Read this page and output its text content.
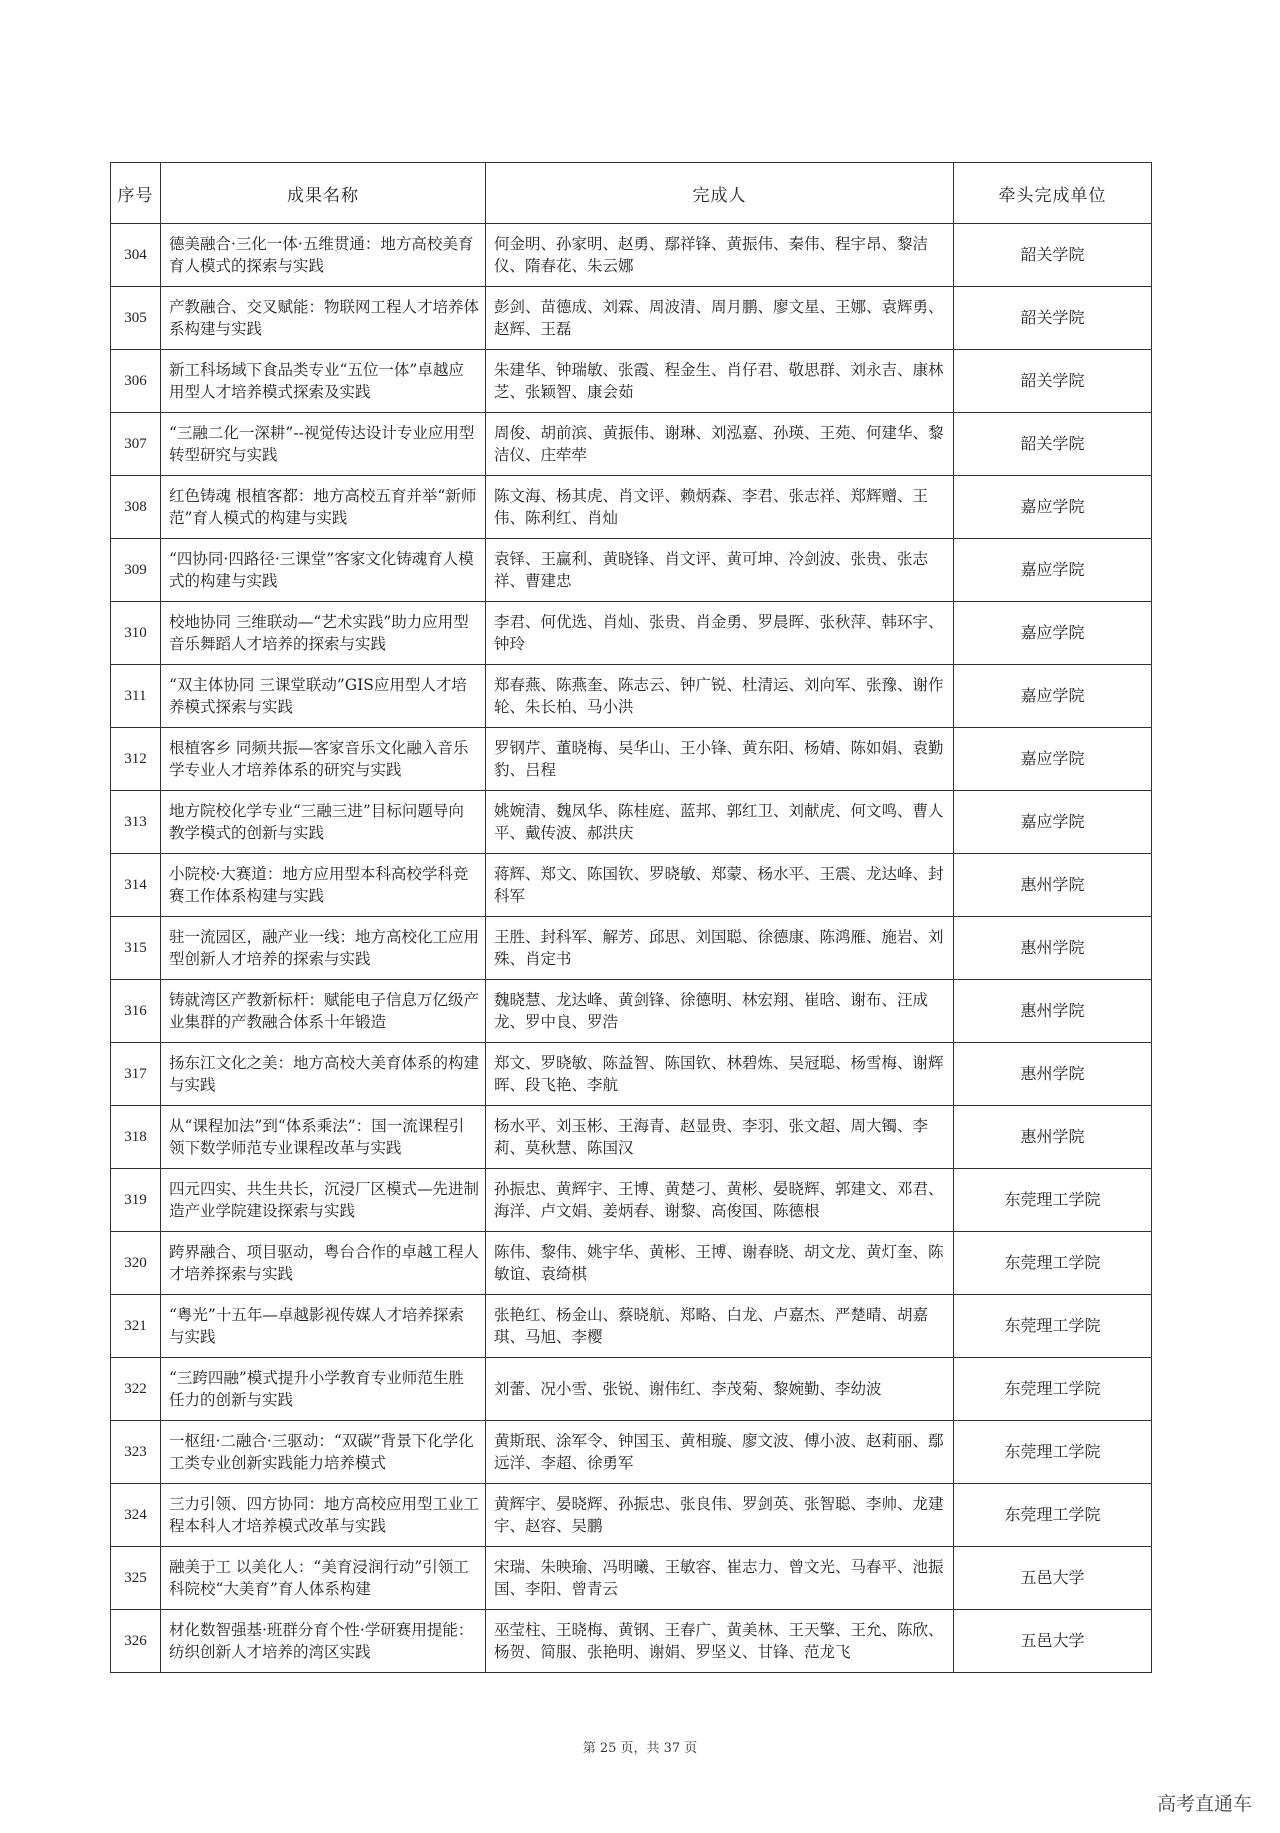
序号	成果名称	完成人	牵头完成单位
304	德美融合·三化一体·五维贯通：地方高校美育育人模式的探索与实践	何金明、孙家明、赵勇、鄢祥锋、黄振伟、秦伟、程宇昂、黎洁仪、隋春花、朱云娜	韶关学院
305	产教融合、交叉赋能：物联网工程人才培养体系构建与实践	彭剑、苗德成、刘霖、周波清、周月鹏、廖文星、王娜、袁辉勇、赵辉、王磊	韶关学院
306	新工科场域下食品类专业“五位一体”卓越应用型人才培养模式探索及实践	朱建华、钟瑞敏、张霞、程金生、肖仔君、敬思群、刘永吉、康林芝、张颖智、康会茹	韶关学院
307	“三融二化一深耕”--视觉传达设计专业应用型转型研究与实践	周俊、胡前滨、黄振伟、谢琳、刘泓嘉、孙瑛、王苑、何建华、黎洁仪、庄荦荦	韶关学院
308	红色铸魂 根植客都：地方高校五育并举“新师范”育人模式的构建与实践	陈文海、杨其虎、肖文评、赖炳森、李君、张志祥、郑辉赠、王伟、陈利红、肖灿	嘉应学院
309	“四协同·四路径·三课堂”客家文化铸魂育人模式的构建与实践	袁铎、王赢利、黄晓锋、肖文评、黄可坤、冷剑波、张贵、张志祥、曹建忠	嘉应学院
310	校地协同 三维联动—“艺术实践”助力应用型音乐舞蹈人才培养的探索与实践	李君、何优选、肖灿、张贵、肖金勇、罗晨晖、张秋萍、韩环宇、钟玲	嘉应学院
311	“双主体协同 三课堂联动”GIS应用型人才培养模式探索与实践	郑春燕、陈燕奎、陈志云、钟广锐、杜清运、刘向军、张豫、谢作轮、朱长柏、马小洪	嘉应学院
312	根植客乡 同频共振—客家音乐文化融入音乐学专业人才培养体系的研究与实践	罗钢芹、董晓梅、吴华山、王小锋、黄东阳、杨婧、陈如娟、袁勤豹、吕程	嘉应学院
313	地方院校化学专业“三融三进”目标问题导向教学模式的创新与实践	姚婉清、魏凤华、陈桂庭、蓝邦、郭红卫、刘献虎、何文鸣、曹人平、戴传波、郝洪庆	嘉应学院
314	小院校·大赛道：地方应用型本科高校学科竞赛工作体系构建与实践	蒋辉、郑文、陈国钦、罗晓敏、郑蒙、杨水平、王震、龙达峰、封科军	惠州学院
315	驻一流园区，融产业一线：地方高校化工应用型创新人才培养的探索与实践	王胜、封科军、解芳、邱思、刘国聪、徐德康、陈鸿雁、施岩、刘殊、肖定书	惠州学院
316	铸就湾区产教新标杆：赋能电子信息万亿级产业集群的产教融合体系十年锻造	魏晓慧、龙达峰、黄剑锋、徐德明、林宏翔、崔晗、谢布、汪成龙、罗中良、罗浩	惠州学院
317	扬东江文化之美：地方高校大美育体系的构建与实践	郑文、罗晓敏、陈益智、陈国钦、林碧炼、吴冠聪、杨雪梅、谢辉晖、段飞艳、李航	惠州学院
318	从“课程加法”到“体系乘法”：国一流课程引领下数学师范专业课程改革与实践	杨水平、刘玉彬、王海青、赵显贵、李羽、张文超、周大镯、李莉、莫秋慧、陈国汉	惠州学院
319	四元四实、共生共长，沉浸厂区模式—先进制造产业学院建设探索与实践	孙振忠、黄辉宇、王博、黄楚刁、黄彬、晏晓辉、郭建文、邓君、海洋、卢文娟、姜炳春、谢黎、高俊国、陈德根	东莞理工学院
320	跨界融合、项目驱动，粤台合作的卓越工程人才培养探索与实践	陈伟、黎伟、姚宇华、黄彬、王博、谢春晓、胡文龙、黄灯奎、陈敏谊、袁绮棋	东莞理工学院
321	“粤光”十五年—卓越影视传媒人才培养探索与实践	张艳红、杨金山、蔡晓航、郑略、白龙、卢嘉杰、严楚晴、胡嘉琪、马旭、李樱	东莞理工学院
322	“三跨四融”模式提升小学教育专业师范生胜任力的创新与实践	刘蕾、况小雪、张锐、谢伟红、李茂菊、黎婉勤、李幼波	东莞理工学院
323	一枢纽·二融合·三驱动：“双碳”背景下化学化工类专业创新实践能力培养模式	黄斯珉、涂军令、钟国玉、黄相璇、廖文波、傅小波、赵莉丽、鄢远洋、李超、徐勇军	东莞理工学院
324	三力引领、四方协同：地方高校应用型工业工程本科人才培养模式改革与实践	黄辉宇、晏晓辉、孙振忠、张良伟、罗剑英、张智聪、李帅、龙建宇、赵容、吴鹏	东莞理工学院
325	融美于工 以美化人：“美育浸润行动”引领工科院校“大美育”育人体系构建	宋瑞、朱映瑜、冯明曦、王敏容、崔志力、曾文光、马春平、池振国、李阳、曾青云	五邑大学
326	材化数智强基·班群分育个性·学研赛用提能：纺织创新人才培养的湾区实践	巫莹柱、王晓梅、黄钢、王春广、黄美林、王天擎、王允、陈欣、杨贺、简服、张艳明、谢娟、罗坚义、甘锋、范龙飞	五邑大学
第 25 页，共 37 页
高考直通车
